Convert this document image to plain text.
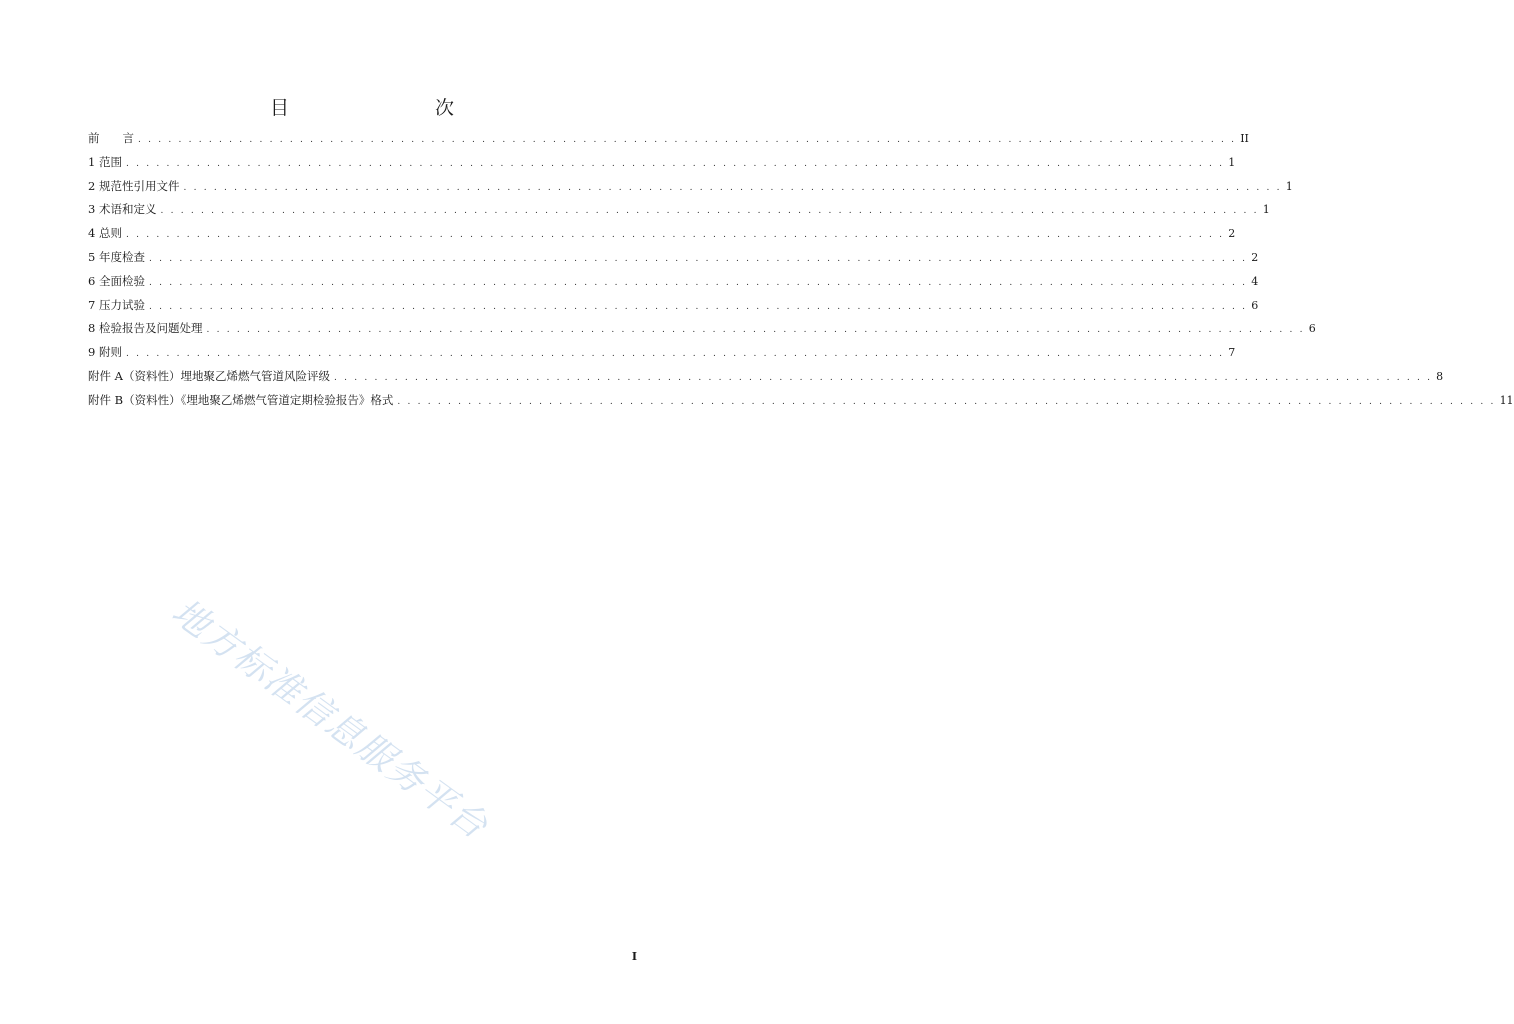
目　　次
前　　言 . . . . . . . . . . . . . . . . . . . . . . . . . . . . . . . . . . . . . . . . . . . . . . . . . . . . . . . . . . . . . . . . . . . . . . . . . . . . . . . . . . . . . . . . . . . . . . . . . . . . . . . . . . . . . II
1 范围 . . . . . . . . . . . . . . . . . . . . . . . . . . . . . . . . . . . . . . . . . . . . . . . . . . . . . . . . . . . . . . . . . . . . . . . . . . . . . . . . . . . . . . . . . . . . . . . . . . . . . . . . . . . . . 1
2 规范性引用文件 . . . . . . . . . . . . . . . . . . . . . . . . . . . . . . . . . . . . . . . . . . . . . . . . . . . . . . . . . . . . . . . . . . . . . . . . . . . . . . . . . . . . . . . . . . . . . . . . . . . . . . . . . . . . . 1
3 术语和定义 . . . . . . . . . . . . . . . . . . . . . . . . . . . . . . . . . . . . . . . . . . . . . . . . . . . . . . . . . . . . . . . . . . . . . . . . . . . . . . . . . . . . . . . . . . . . . . . . . . . . . . . . . . . . . 1
4 总则 . . . . . . . . . . . . . . . . . . . . . . . . . . . . . . . . . . . . . . . . . . . . . . . . . . . . . . . . . . . . . . . . . . . . . . . . . . . . . . . . . . . . . . . . . . . . . . . . . . . . . . . . . . . . . 2
5 年度检查 . . . . . . . . . . . . . . . . . . . . . . . . . . . . . . . . . . . . . . . . . . . . . . . . . . . . . . . . . . . . . . . . . . . . . . . . . . . . . . . . . . . . . . . . . . . . . . . . . . . . . . . . . . . . . 2
6 全面检验 . . . . . . . . . . . . . . . . . . . . . . . . . . . . . . . . . . . . . . . . . . . . . . . . . . . . . . . . . . . . . . . . . . . . . . . . . . . . . . . . . . . . . . . . . . . . . . . . . . . . . . . . . . . . . 4
7 压力试验 . . . . . . . . . . . . . . . . . . . . . . . . . . . . . . . . . . . . . . . . . . . . . . . . . . . . . . . . . . . . . . . . . . . . . . . . . . . . . . . . . . . . . . . . . . . . . . . . . . . . . . . . . . . . . 6
8 检验报告及问题处理 . . . . . . . . . . . . . . . . . . . . . . . . . . . . . . . . . . . . . . . . . . . . . . . . . . . . . . . . . . . . . . . . . . . . . . . . . . . . . . . . . . . . . . . . . . . . . . . . . . . . . . . . . . . . . 6
9 附则 . . . . . . . . . . . . . . . . . . . . . . . . . . . . . . . . . . . . . . . . . . . . . . . . . . . . . . . . . . . . . . . . . . . . . . . . . . . . . . . . . . . . . . . . . . . . . . . . . . . . . . . . . . . . . 7
附件 A（资料性）埋地聚乙烯燃气管道风险评级 . . . . . . . . . . . . . . . . . . . . . . . . . . . . . . . . . . . . . . . . . . . . . . . . . . . . . . . . . . . . . . . . . . . . . . . . . . . . . . . . . . . . . . . . . . . . . . . . . . . . . . . . . . . . . 8
附件 B（资料性）《埋地聚乙烯燃气管道定期检验报告》格式 . . . . . . . . . . . . . . . . . . . . . . . . . . . . . . . . . . . . . . . . . . . . . . . . . . . . . . . . . . . . . . . . . . . . . . . . . . . . . . . . . . . . . . . . . . . . . . . . . . . . . . . . . . . . . 11
地方标准信息服务平台
I
